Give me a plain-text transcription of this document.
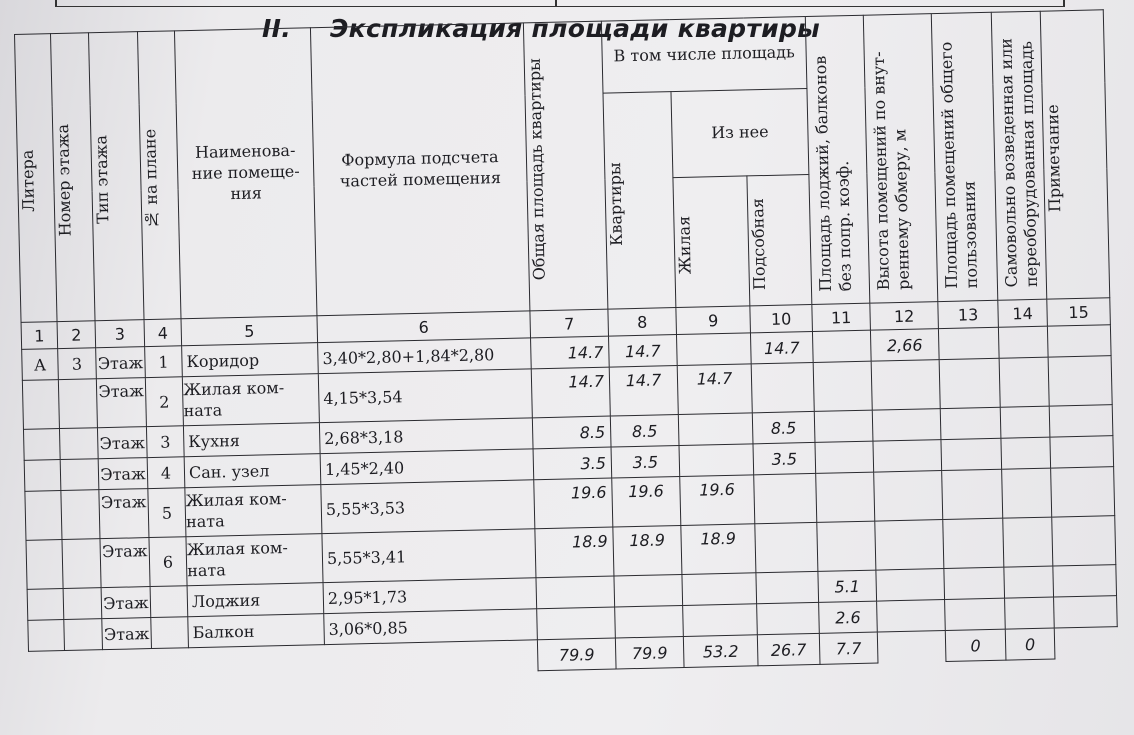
II. Экспликация площади квартиры
Литера	Номер этажа	Тип этажа	№ на плане	Наименова-ние помеще-ния	Формула подсчета частей помещения	Общая площадь квартиры	В том числе площадь			Площадь лоджий, балконов без попр. коэф.	Высота помещений по внут-реннему обмеру, м	Площадь помещений общего пользования	Самовольно возведенная или переоборудованная площадь	Примечание

							Квартиры	Из нее						

								Жилая	Подсобная					

1	2	3	4	5	6	7	8	9	10	11	12	13	14	15
А	3	Этаж	1	Коридор	3,40*2,80+1,84*2,80	14.7	14.7		14.7		2,66			
		Этаж	2	Жилая ком-ната	4,15*3,54	14.7	14.7	14.7						
		Этаж	3	Кухня	2,68*3,18	8.5	8.5		8.5					
		Этаж	4	Сан. узел	1,45*2,40	3.5	3.5		3.5					
		Этаж	5	Жилая ком-ната	5,55*3,53	19.6	19.6	19.6						
		Этаж	6	Жилая ком-ната	5,55*3,41	18.9	18.9	18.9						
		Этаж		Лоджия	2,95*1,73					5.1				
		Этаж		Балкон	3,06*0,85					2.6				
						79.9	79.9	53.2	26.7	7.7		0	0	
